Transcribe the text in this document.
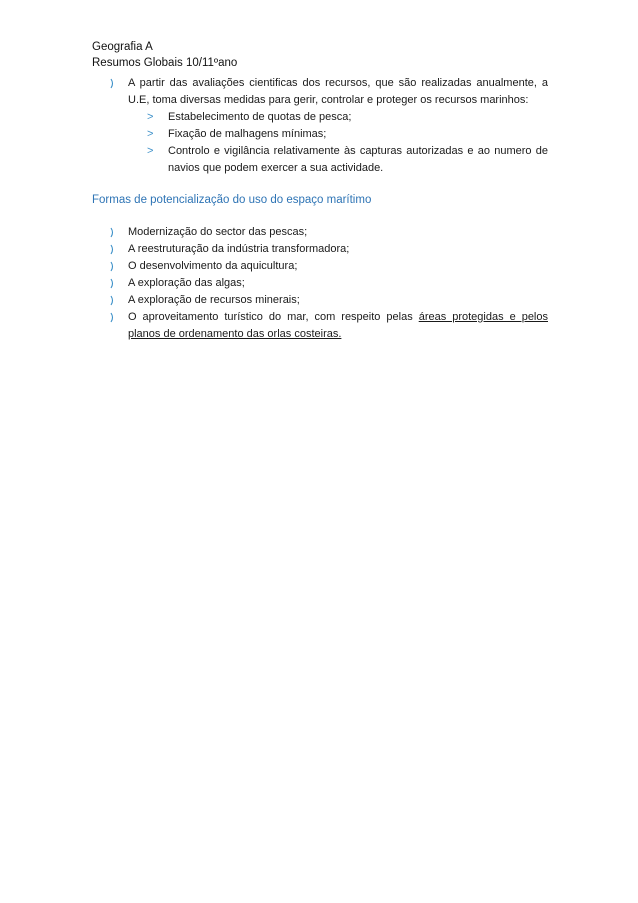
Geografia A
Resumos Globais 10/11ºano
A partir das avaliações cientificas dos recursos, que são realizadas anualmente, a U.E, toma diversas medidas para gerir, controlar e proteger os recursos marinhos:
> Estabelecimento de quotas de pesca;
> Fixação de malhagens mínimas;
> Controlo e vigilância relativamente às capturas autorizadas e ao numero de navios que podem exercer a sua actividade.
Formas de potencialização do uso do espaço marítimo
Modernização do sector das pescas;
A reestruturação da indústria transformadora;
O desenvolvimento da aquicultura;
A exploração das algas;
A exploração de recursos minerais;
O aproveitamento turístico do mar, com respeito pelas áreas protegidas e pelos planos de ordenamento das orlas costeiras.
